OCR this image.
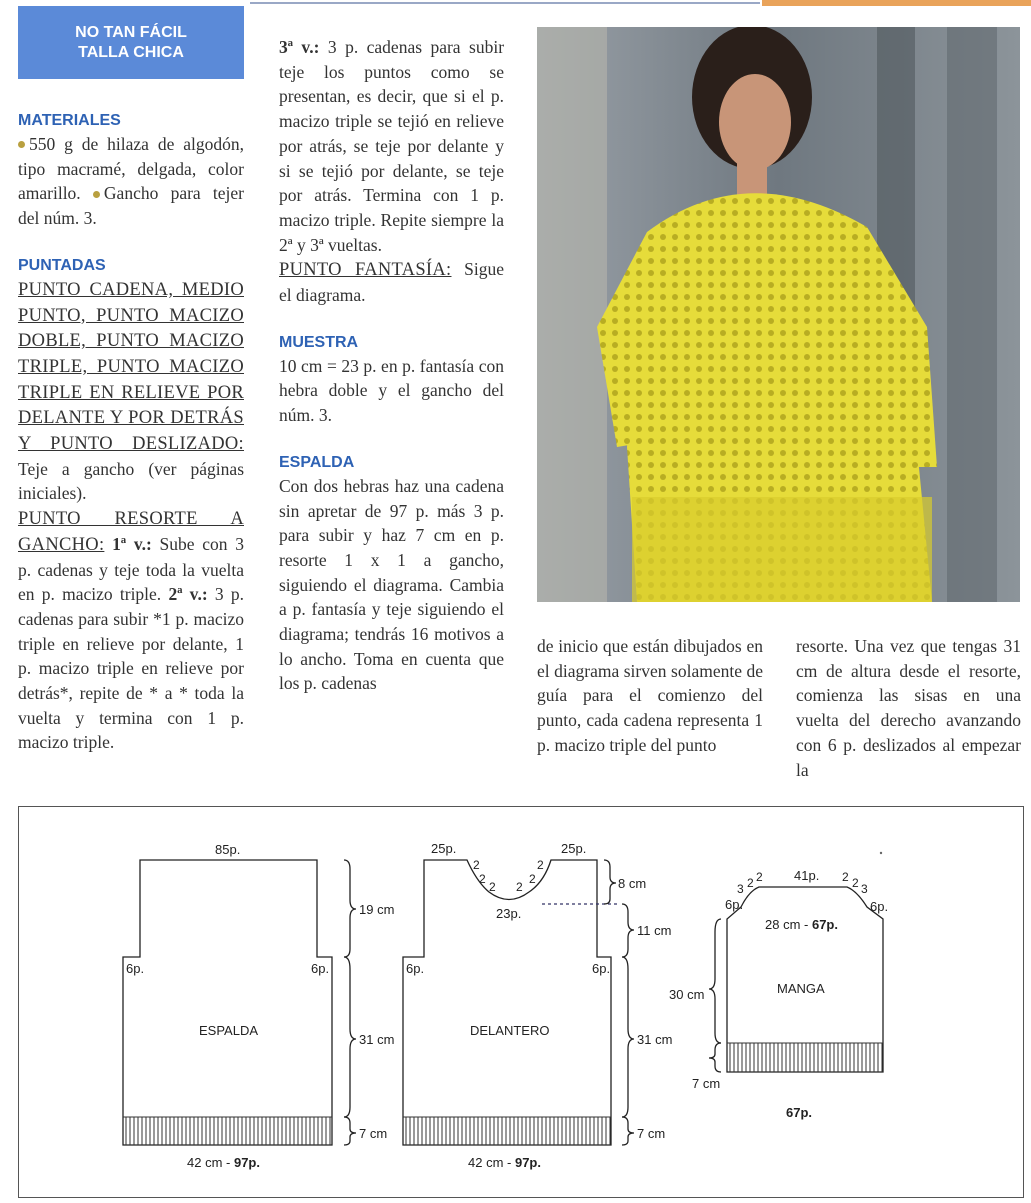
NO TAN FÁCIL
TALLA CHICA

MATERIALES

550 g de hilaza de algodón, tipo macramé, delgada, color amarillo. Gancho para tejer del núm. 3.

PUNTADAS

PUNTO CADENA, MEDIO PUNTO, PUNTO MACIZO DOBLE, PUNTO MACIZO TRIPLE, PUNTO MACIZO TRIPLE EN RELIEVE POR DELANTE Y POR DETRÁS Y PUNTO DESLIZADO: Teje a gancho (ver páginas iniciales).

PUNTO RESORTE A GANCHO: 1ª v.: Sube con 3 p. cadenas y teje toda la vuelta en p. macizo triple. 2ª v.: 3 p. cadenas para subir *1 p. macizo triple en relieve por delante, 1 p. macizo triple en relieve por detrás*, repite de * a * toda la vuelta y termina con 1 p. macizo triple.

3ª v.: 3 p. cadenas para subir teje los puntos como se presentan, es decir, que si el p. macizo triple se tejió en relieve por atrás, se teje por delante y si se tejió por delante, se teje por atrás. Termina con 1 p. macizo triple. Repite siempre la 2ª y 3ª vueltas.

PUNTO FANTASÍA: Sigue el diagrama.

MUESTRA

10 cm = 23 p. en p. fantasía con hebra doble y el gancho del núm. 3.

ESPALDA

Con dos hebras haz una cadena sin apretar de 97 p. más 3 p. para subir y haz 7 cm en p. resorte 1 x 1 a gancho, siguiendo el diagrama. Cambia a p. fantasía y teje siguiendo el diagrama; tendrás 16 motivos a lo ancho. Toma en cuenta que los p. cadenas

de inicio que están dibujados en el diagrama sirven solamente de guía para el comienzo del punto, cada cadena representa 1 p. macizo triple del punto

resorte. Una vez que tengas 31 cm de altura desde el resorte, comienza las sisas en una vuelta del derecho avanzando con 6 p. deslizados al empezar la

85p.
6p.	6p.
19 cm
31 cm
7 cm
ESPALDA
42 cm - 97p.
25p.	25p.
2
2
2 2
2
2
23p.
6p.	6p.
8 cm
11 cm
31 cm
7 cm
DELANTERO
42 cm - 97p.
41p.
3 2 2	2 2 3
6p.	6p.
28 cm - 67p.
MANGA
30 cm
7 cm
67p.
